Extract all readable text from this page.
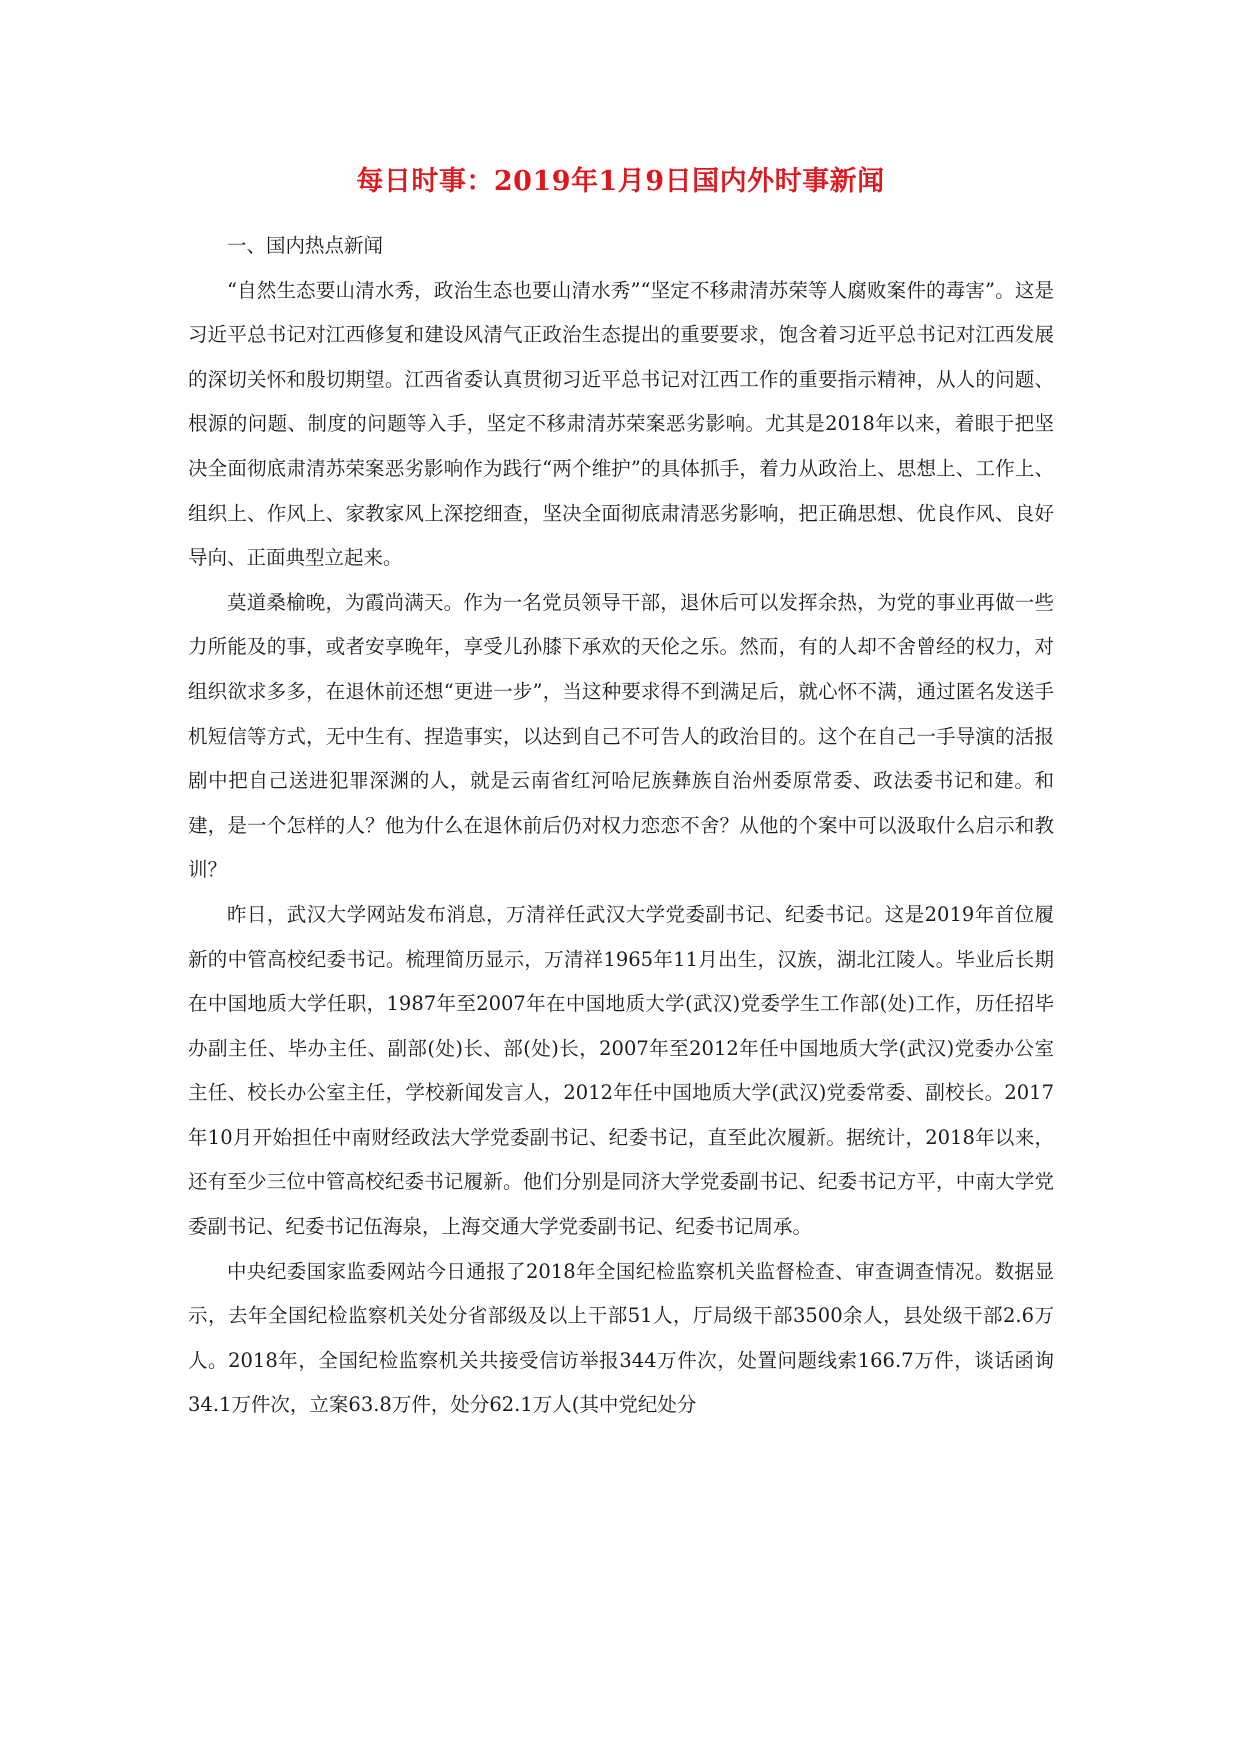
每日时事：2019年1月9日国内外时事新闻

一、国内热点新闻

“自然生态要山清水秀，政治生态也要山清水秀”“坚定不移肃清苏荣等人腐败案件的毒害”。这是习近平总书记对江西修复和建设风清气正政治生态提出的重要要求，饱含着习近平总书记对江西发展的深切关怀和殷切期望。江西省委认真贯彻习近平总书记对江西工作的重要指示精神，从人的问题、根源的问题、制度的问题等入手，坚定不移肃清苏荣案恶劣影响。尤其是2018年以来，着眼于把坚决全面彻底肃清苏荣案恶劣影响作为践行“两个维护”的具体抓手，着力从政治上、思想上、工作上、组织上、作风上、家教家风上深挖细查，坚决全面彻底肃清恶劣影响，把正确思想、优良作风、良好导向、正面典型立起来。

莫道桑榆晚，为霞尚满天。作为一名党员领导干部，退休后可以发挥余热，为党的事业再做一些力所能及的事，或者安享晚年，享受儿孙膝下承欢的天伦之乐。然而，有的人却不舍曾经的权力，对组织欲求多多，在退休前还想“更进一步”，当这种要求得不到满足后，就心怀不满，通过匿名发送手机短信等方式，无中生有、捏造事实，以达到自己不可告人的政治目的。这个在自己一手导演的活报剧中把自己送进犯罪深渊的人，就是云南省红河哈尼族彝族自治州委原常委、政法委书记和建。和建，是一个怎样的人？他为什么在退休前后仍对权力恋恋不舍？从他的个案中可以汲取什么启示和教训？

昨日，武汉大学网站发布消息，万清祥任武汉大学党委副书记、纪委书记。这是2019年首位履新的中管高校纪委书记。梳理简历显示，万清祥1965年11月出生，汉族，湖北江陵人。毕业后长期在中国地质大学任职，1987年至2007年在中国地质大学(武汉)党委学生工作部(处)工作，历任招毕办副主任、毕办主任、副部(处)长、部(处)长，2007年至2012年任中国地质大学(武汉)党委办公室主任、校长办公室主任，学校新闻发言人，2012年任中国地质大学(武汉)党委常委、副校长。2017年10月开始担任中南财经政法大学党委副书记、纪委书记，直至此次履新。据统计，2018年以来，还有至少三位中管高校纪委书记履新。他们分别是同济大学党委副书记、纪委书记方平，中南大学党委副书记、纪委书记伍海泉，上海交通大学党委副书记、纪委书记周承。

中央纪委国家监委网站今日通报了2018年全国纪检监察机关监督检查、审查调查情况。数据显示，去年全国纪检监察机关处分省部级及以上干部51人，厅局级干部3500余人，县处级干部2.6万人。2018年，全国纪检监察机关共接受信访举报344万件次，处置问题线索166.7万件，谈话函询34.1万件次，立案63.8万件，处分62.1万人(其中党纪处分
